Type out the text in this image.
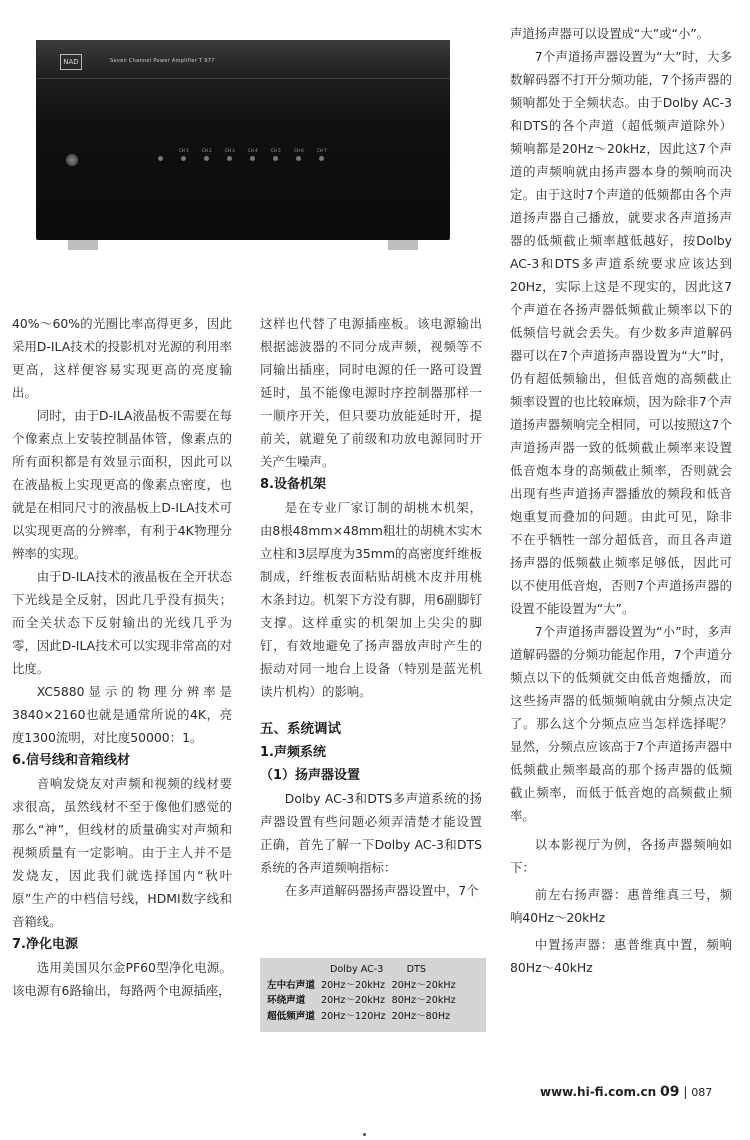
NAD	Seven Channel Power Amplifier T 977
CH 1	CH 2	CH 3	CH 4	CH 5	CH 6	CH 7

40%～60%的光圈比率高得更多，因此采用D-ILA技术的投影机对光源的利用率更高，这样便容易实现更高的亮度输出。

同时，由于D-ILA液晶板不需要在每个像素点上安装控制晶体管，像素点的所有面积都是有效显示面积，因此可以在液晶板上实现更高的像素点密度，也就是在相同尺寸的液晶板上D-ILA技术可以实现更高的分辨率，有利于4K物理分辨率的实现。

由于D-ILA技术的液晶板在全开状态下光线是全反射，因此几乎没有损失；而全关状态下反射输出的光线几乎为零，因此D-ILA技术可以实现非常高的对比度。

XC5880显示的物理分辨率是3840×2160也就是通常所说的4K，亮度1300流明，对比度50000：1。

6.信号线和音箱线材

音响发烧友对声频和视频的线材要求很高，虽然线材不至于像他们感觉的那么“神”，但线材的质量确实对声频和视频质量有一定影响。由于主人并不是发烧友，因此我们就选择国内“秋叶原”生产的中档信号线，HDMI数字线和音箱线。

7.净化电源

选用美国贝尔金PF60型净化电源。该电源有6路输出，每路两个电源插座，

这样也代替了电源插座板。该电源输出根据滤波器的不同分成声频，视频等不同输出插座，同时电源的任一路可设置延时，虽不能像电源时序控制器那样一一顺序开关，但只要功放能延时开，提前关，就避免了前级和功放电源同时开关产生噪声。

8.设备机架

是在专业厂家订制的胡桃木机架，由8根48mm×48mm粗壮的胡桃木实木立柱和3层厚度为35mm的高密度纤维板制成，纤维板表面粘贴胡桃木皮并用桃木条封边。机架下方没有脚，用6副脚钉支撑。这样重实的机架加上尖尖的脚钉，有效地避免了扬声器放声时产生的振动对同一地台上设备（特别是蓝光机读片机构）的影响。

五、系统调试
1.声频系统
（1）扬声器设置

Dolby AC-3和DTS多声道系统的扬声器设置有些问题必须弄清楚才能设置正确，首先了解一下Dolby AC-3和DTS系统的各声道频响指标：

在多声道解码器扬声器设置中，7个

	Dolby AC-3	DTS
左中右声道	20Hz～20kHz	20Hz～20kHz
环绕声道	20Hz～20kHz	80Hz～20kHz
超低频声道	20Hz～120Hz	20Hz～80Hz

声道扬声器可以设置成“大”或“小”。

7个声道扬声器设置为“大”时，大多数解码器不打开分频功能，7个扬声器的频响都处于全频状态。由于Dolby AC-3和DTS的各个声道（超低频声道除外）频响都是20Hz～20kHz，因此这7个声道的声频响就由扬声器本身的频响而决定。由于这时7个声道的低频都由各个声道扬声器自己播放，就要求各声道扬声器的低频截止频率越低越好，按Dolby AC-3和DTS多声道系统要求应该达到20Hz，实际上这是不现实的，因此这7个声道在各扬声器低频截止频率以下的低频信号就会丢失。有少数多声道解码器可以在7个声道扬声器设置为“大”时，仍有超低频输出，但低音炮的高频截止频率设置的也比较麻烦，因为除非7个声道扬声器频响完全相同，可以按照这7个声道扬声器一致的低频截止频率来设置低音炮本身的高频截止频率，否则就会出现有些声道扬声器播放的频段和低音炮重复而叠加的问题。由此可见，除非不在乎牺牲一部分超低音，而且各声道扬声器的低频截止频率足够低，因此可以不使用低音炮，否则7个声道扬声器的设置不能设置为“大”。

7个声道扬声器设置为“小”时，多声道解码器的分频功能起作用，7个声道分频点以下的低频就交由低音炮播放，而这些扬声器的低频频响就由分频点决定了。那么这个分频点应当怎样选择呢？显然，分频点应该高于7个声道扬声器中低频截止频率最高的那个扬声器的低频截止频率，而低于低音炮的高频截止频率。

以本影视厅为例，各扬声器频响如下：

前左右扬声器：惠普维真三号，频响40Hz～20kHz

中置扬声器：惠普维真中置，频响80Hz～40kHz

www.hi-fi.com.cn 09 | 087
